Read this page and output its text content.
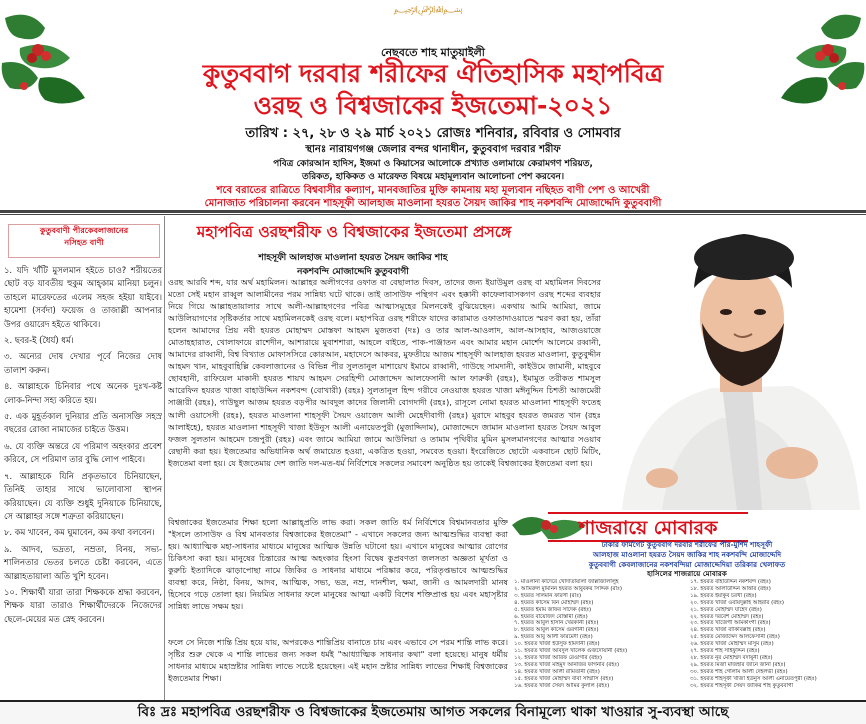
﷽
নেছবতে শাহ মাতুয়াইলী
কুতুববাগ দরবার শরীফের ঐতিহাসিক মহাপবিত্র
ওরছ ও বিশ্বজাকের ইজতেমা-২০২১
তারিখ : ২৭, ২৮ ও ২৯ মার্চ ২০২১ রোজঃ শনিবার, রবিবার ও সোমবার
স্থানঃ নারায়ণগঞ্জ জেলার বন্দর থানাধীন, কুতুববাগ দরবার শরীফ
পবিত্র কোরআন হাদিস, ইজমা ও কিয়াসের আলোকে প্রখ্যাত ওলামায়ে কেরামগণ শরিয়ত,
তরিকত, হাকিকত ও মারেফত বিষয়ে মহামূল্যবান আলোচনা পেশ করবেন।
শবে বরাতের রাত্রিতে বিশ্ববাসীর কল্যাণ, মানবজাতির মুক্তি কামনায় মহা মূল্যবান নছিহত বাণী পেশ ও আখেরী
মোনাজাত পরিচালনা করবেন শাহসূফী আলহাজ মাওলানা হযরত সৈয়দ জাকির শাহ নকশবন্দি মোজাদ্দেদি কুতুববাগী
কুতুববাণী পীরকেবলাজানের
নসিহত বাণী

১. যদি খাঁটি মুসলমান হইতে চাও? শরীয়তের ছোট বড় যাবতীয় হুকুম আহ্‌কাম মানিয়া চলুন। তাহলে মারেফতের এলেম সহজ হইয়া যাইবে। হামেশা (সর্বদা) ফয়েজ ও তাজাল্লী আপনার উপর ওয়ারেদ হইতে থাকিবে।

২. ছবর-ই (ধৈর্য) ধর্ম।

৩. অন্যের দোষ দেখার পূর্বে নিজের দোষ তালাশ করুন।

৪. আল্লাহকে চিনিবার পথে অনেক দুঃখ-কষ্ট লোক-নিন্দা সহ্য করিতে হয়।

৫. এক মুহূর্তকাল দুনিয়ার প্রতি অনাসক্তি সহস্র বছরের রোজা নামাজের চাইতে উত্তম।

৬. যে ব্যক্তি অন্তরে যে পরিমাণ অহংকার প্রবেশ করিবে, সে পরিমাণ তার বুদ্ধি লোপ পাইবে।

৭. আল্লাহকে যিনি প্রকৃতভাবে চিনিয়াছেন, তিনিই তাহার সাথে ভালোবাসা স্থাপন করিয়াছেন। যে ব্যক্তি শুধুই দুনিয়াকে চিনিয়াছে, সে আল্লাহর সঙ্গে শত্রুতা করিয়াছেন।

৮. কম খাবেন, কম ঘুমাবেন, কম কথা বলবেন।

৯. আদব, ভদ্রতা, নম্রতা, বিনয়, সভ্য-শালিনতার ভেতর চলতে চেষ্টা করবেন, এতে আল্লাহতায়ালা অতি খুশি হবেন।

১০. শিক্ষার্থী যারা তারা শিক্ষককে শ্রদ্ধা করবেন, শিক্ষক যারা তারাও শিক্ষার্থীদেরকে নিজেদের ছেলে-মেয়ের মত স্নেহ করবেন।

মহাপবিত্র ওরছশরীফ ও বিশ্বজাকের ইজতেমা প্রসঙ্গে
শাহসূফী আলহাজ মাওলানা হযরত সৈয়দ জাকির শাহ
নকশবন্দি মোজাদ্দেদি কুতুববাগী
ওরছ আরবি শব্দ, যার অর্থ মহামিলন। আল্লাহর অলীগণের ওফাত বা বেছালাত দিবস, তাদের জন্য ইয়াউমুল ওরছ বা মহামিলন দিবসের মতো সেই মহান রাব্বুল আলামীনের পরম সান্নিধ্য ঘটে থাকে। তাই তাসাউফ পন্থিগণ এবং হক্কানী কাফেলাবাসকগণ ওরছ শব্দের ব্যবহার নিয়ে গিয়ে আল্লাহতায়ালার সাথে অলী-আল্লাহগণের পবিত্র আত্মাসমূহের মিলনকেই বুঝিয়েছেন। একথায় আমি আমিয়া, জামে আউলিয়াগণের সৃষ্টিকর্তার সাথে মহামিলনকেই ওরছ বলে। মহাপবিত্র ওরছ শরীফে যাদের কারামাত ওফাতাদাওয়াতে স্মরণ করা হয়, তাঁরা হলেন আমাদের প্রিয় নবী হযরত মোহাম্মদ মোস্তফা আহমদ মুজতবা (দঃ) ও তার আল-আওলাদ, আল-আসহাব, আজওয়াজে মোতাহহারাত, খোলাফায়ে রাশেদীন, আশারায়ে মুবাশশারা, আহলে বাইতে, পাক-পাঞ্জাতন এবং আমার মহান মোর্শেদ আলেমে রব্বানী, আমাদের রাব্বানী, বিশ্ব বিখ্যাত মোফাসসিরে কোরআন, মহাদেসে আকবর, মুফতীয়ে আজম শাহসূফী আলহাজ হযরত মাওলানা, কুতুবুদ্দীন আহমদ খান, মাহবুবাহিল্লি কেবলাজানের ও বিভিন্ন পীর সুলতানুল মাশায়েখ ইমামে রাব্বানী, গাউছে সামদানী, কাইউমে জামানী, মাহবুবে ছোবহানী, রাফিয়েল মাকানী হযরত শায়খ আহমদ সেরহিন্দী মোজাদ্দেদ আলফেসানী আল ফারুকী (রহঃ), ইমামুত তরীকত শামসুল আরেফিন হযরত খাজা বাহাউদ্দিন নকশবন্দ (বোখারী) (রহঃ) সুলতানুল হিন্দ গরীবে নেওয়াজ হযরত খাজা মঈনুদ্দিন চিশতী আজমেরী সাঞ্জারী (রহঃ), গাউছুল আজম হযরত বড়পীর আবদুল কাদের জিলানী বোগদাদী (রহঃ), রাসূলে নোমা হযরত মাওলানা শাহসূফী ফতেহ আলী ওয়াসেসী (রহঃ), হযরত মাওলানা শাহসূফী সৈয়দ ওয়াজেদ আলী মেহেদীবাগী (রহঃ) মুরাদে মাহবুব হযরত জমরত খান (রহঃ আলাইহে), হযরত মাওলানা শাহসূফী খাজা ইউনুস আলী এনায়েতপুরী (মুজাদ্দিদাম), মোজাদ্দেদে জামান মাওলানা হযরত সৈয়দ আবুল ফজল সুলতান আহমেদ চন্দ্রপুরী (রহঃ) এবং জামে আমিয়া জামে আউলিয়া ও তামাম পৃথিবীর মুমিন মুসলমানগণের আত্মার সওয়াব রেছানী করা হয়। ইজতেমার অভিধানিক অর্থ জমায়েত হওয়া, একত্রিত হওয়া, সমবেত হওয়া। ইংরেজিতে ছোটো একবাচন ছোট মিটিং, ইজতেমা বলা হয়। যে ইজতেমায় দেশ জাতি দল-মত-ধর্ম নির্বিশেষে সকলের সমাবেশ অনুষ্ঠিত হয় তাকেই বিশ্বজাকের ইজতেমা বলা হয়।
বিশ্বজাকের ইজতেমার শিক্ষা হলো আল্লাহ্‌প্রতি লাভ করা। সকল জাতি ধর্ম নির্বিশেষে বিশ্বমানবতার মুক্তি "ইসলে তাসাউফ ও বিশ্ব মানবতার বিশ্বজাকের ইজতেমা" - এখানে সকলের জন্য আত্মশুদ্ধির ব্যবস্থা করা হয়। আধ্যাত্মিক মহা-সাধনার মাধ্যমে মানুষের আত্মিক উন্নতি ঘটানো হয়। এখানে মানুষের আত্মার রোগের চিকিৎসা করা হয়। মানুষের চিন্তারের আত্ম অহংকার হিংসা বিদ্বেষ কুপ্রবণতা জলসতা অজ্ঞতা মূর্খতা ও কুরুচি ইত্যাদিকে ঝাড়াপোছা নামে জিকির ও সাধনার মাধ্যমে পরিষ্কার করে, পরিতৃপ্তভাবে আত্মশুদ্ধির ব্যবস্থা করে, নিষ্ঠা, বিনয়, আদব, আত্মিক, সভ্য, ভদ্র, নম্র, দানশীল, ক্ষমা, জানী ও আমলদারী মানষ হিসেবে গড়ে তোলা হয়। নিয়মিত সাধনার ফলে মানুষের আত্মা একটি বিশেষ শক্তিপ্রাপ্ত হয় এবং মহাসৃষ্টার সান্নিধ্য লাভে সক্ষম হয়।
ফলে সে নিজে শান্তি প্রিয় হয়ে যায়, অপরকেও শান্তিপ্রিয় বানাতে চায় এবং এভাবে সে পরম শান্তি লাভ করে। সৃষ্টির শুরু থেকে এ শান্তি লাভের জন্য সকল ধর্মই "আধ্যাত্মিক সাধনার কথা" বলা হয়েছে। মানুষ ধর্মীয় সাধনার মাধ্যমে মহাস্রষ্টার সান্নিধ্য লাভে সচেষ্ট হয়েছেন। এই মহান স্রষ্টার সান্নিধ্য লাভের শিক্ষাই বিশ্বজাকের ইজতেমার শিক্ষা।
শাজরায়ে মোবারক
ঢাকার ফার্মগেট কুতুববাগ দরবার শরীফের পীর-মুর্শিদ শাহসূফী
আলহাজ মাওলানা হযরত সৈয়দ জাকির শাহ নকশবন্দি মোজাদ্দেদি
কুতুববাগী কেবলাজানের নকশবন্দিয়া মোজাদ্দেদিয়া তরিকার খেলাফত
হাসিলের শাজরায়ে মোবারক
১. মাওলানা কাদেরে খোদাতায়ালা জাল্লাজালালুহ
২. আমিরুল মুমিনিন হযরত আবুবকর সিদ্দিক (রাঃ)
৩. হযরত সালমান ফারসী (রাঃ)
৪. হযরত কাসেম বিন মোহাম্মদ (রহঃ)
৫. হযরত ইমাম জাফর সাদেক (রহঃ)
৬. হযরত বায়েজিদ বোস্তামী (রহঃ)
৭. হযরত আবুল হাসান খেরকানী (রহঃ)
৮. হযরত আবুল কাসেম গুরগানী (রহঃ)
৯. হযরত আবু আলী ফারমেদী (রহঃ)
১০. হযরত খাজা ইউসুফ হামদানী (রহঃ)
১১. হযরত খাজা আবদুল খালেক গুজদোয়ানী (রহঃ)
১২. হযরত খাজা আরিফ রেওগিরি (রহঃ)
১৩. হযরত খাজা মাহমুদ আনজির ফাগনবি (রহঃ)
১৪. হযরত খাজা আলী রামিতানী (রহঃ)
১৫. হযরত খাজা মোহাম্মদ বাবা সাম্মাসি (রহঃ)
১৬. হযরত খাজা সৈয়দ আমির কুলাল (রহঃ)
১৭. হযরত বাহাউদ্দিন নকশবন্দ (রহঃ)
১৮. হযরত আলাউদ্দিন আত্তার (রহঃ)
১৯. হযরত ইয়াকুব চরখী (রহঃ)
২০. হযরত খাজা ওবায়দুল্লাহ আহরার (রহঃ)
২১. হযরত মোহাম্মদ যাহেদ (রহঃ)
২২. হযরত দরবেশ মোহাম্মদ (রহঃ)
২৩. হযরত খাজেগী আমকাংগী (রহঃ)
২৪. হযরত খাজা বাকিবিল্লাহ (রহঃ)
২৫. হযরত মোজাদ্দেদ আলফেসানী (রহঃ)
২৬. হযরত খাজা মোহাম্মদ মাসুম (রহঃ)
২৭. হযরত শাহ সাইফুদ্দিন (রহঃ)
২৮. হযরত নূর মোহাম্মদ বদায়ূনী (রহঃ)
২৯. হযরত মির্জা মাজহার জানে জানা (রহঃ)
৩০. হযরত শাহ গোলাম আলী দেহলভী (রহঃ)
৩১. হযরত শাহসূফী খাজা ইউনুস আলী এনায়েতপুরী (রহঃ)
৩২. হযরত শাহসূফী সৈয়দ জাকির শাহ কুতুববাগী
বিঃ দ্রঃ মহাপবিত্র ওরছশরীফ ও বিশ্বজাকের ইজতেমায় আগত সকলের বিনামূল্যে থাকা খাওয়ার সু-ব্যবস্থা আছে
